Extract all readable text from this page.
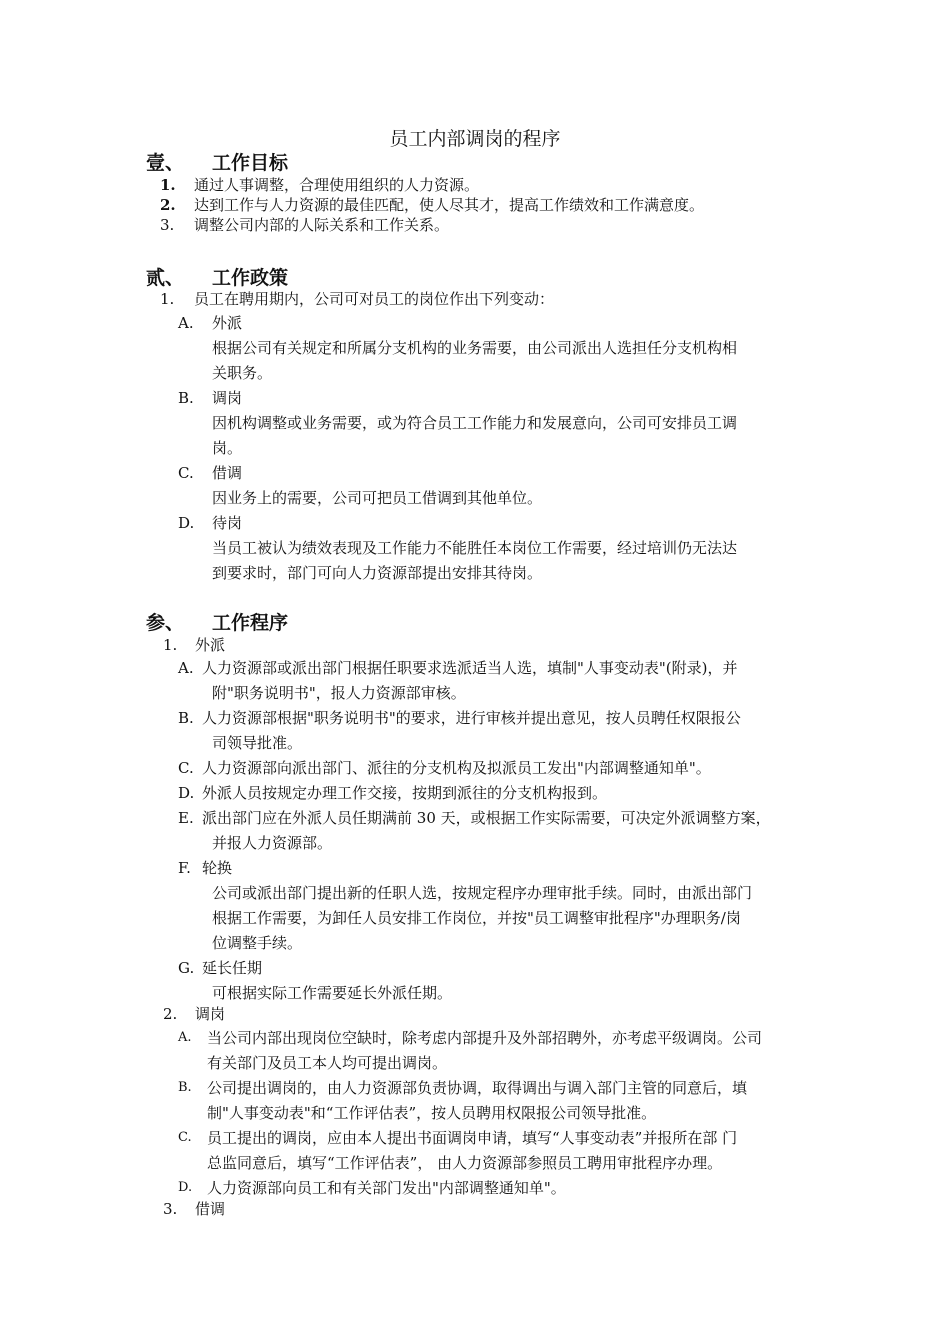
员工内部调岗的程序
壹、 工作目标
1. 通过人事调整，合理使用组织的人力资源。
2. 达到工作与人力资源的最佳匹配，使人尽其才，提高工作绩效和工作满意度。
3. 调整公司内部的人际关系和工作关系。
贰、 工作政策
1. 员工在聘用期内，公司可对员工的岗位作出下列变动：
A. 外派
根据公司有关规定和所属分支机构的业务需要，由公司派出人选担任分支机构相
关职务。
B. 调岗
因机构调整或业务需要，或为符合员工工作能力和发展意向，公司可安排员工调
岗。
C. 借调
因业务上的需要，公司可把员工借调到其他单位。
D. 待岗
当员工被认为绩效表现及工作能力不能胜任本岗位工作需要，经过培训仍无法达
到要求时，部门可向人力资源部提出安排其待岗。
参、 工作程序
1. 外派
A. 人力资源部或派出部门根据任职要求选派适当人选，填制"人事变动表"(附录)，并
附"职务说明书"，报人力资源部审核。
B. 人力资源部根据"职务说明书"的要求，进行审核并提出意见，按人员聘任权限报公
司领导批准。
C. 人力资源部向派出部门、派往的分支机构及拟派员工发出"内部调整通知单"。
D. 外派人员按规定办理工作交接，按期到派往的分支机构报到。
E. 派出部门应在外派人员任期满前 30 天，或根据工作实际需要，可决定外派调整方案，
并报人力资源部。
F. 轮换
公司或派出部门提出新的任职人选，按规定程序办理审批手续。同时，由派出部门
根据工作需要，为卸任人员安排工作岗位，并按"员工调整审批程序"办理职务/岗
位调整手续。
G. 延长任期
可根据实际工作需要延长外派任期。
2. 调岗
A. 当公司内部出现岗位空缺时，除考虑内部提升及外部招聘外，亦考虑平级调岗。公司
有关部门及员工本人均可提出调岗。
B. 公司提出调岗的，由人力资源部负责协调，取得调出与调入部门主管的同意后，填
制"人事变动表"和“工作评估表”，按人员聘用权限报公司领导批准。
C. 员工提出的调岗，应由本人提出书面调岗申请，填写“人事变动表”并报所在部 门
总监同意后，填写“工作评估表”， 由人力资源部参照员工聘用审批程序办理。
D. 人力资源部向员工和有关部门发出"内部调整通知单"。
3. 借调
